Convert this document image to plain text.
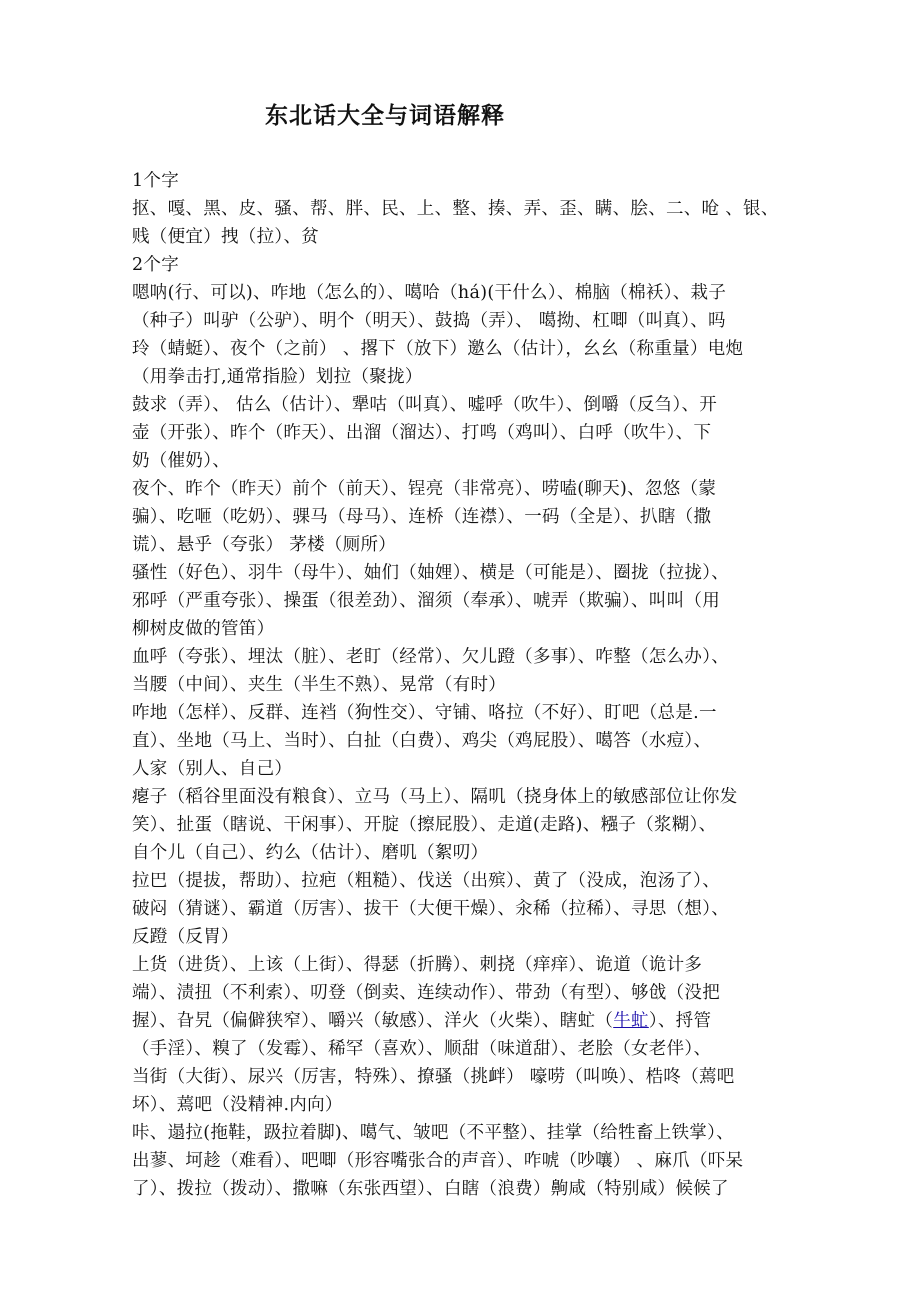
东北话大全与词语解释
1个字
抠、嘎、黑、皮、骚、帮、胖、民、上、整、揍、弄、歪、瞒、脍、二、呛 、银、
贱（便宜）拽（拉）、贫
2个字
嗯呐(行、可以)、咋地（怎么的）、噶哈（há)(干什么）、棉脑（棉袄）、栽子
（种子）叫驴（公驴）、明个（明天）、鼓捣（弄）、 噶拗、杠唧（叫真）、吗
玲（蜻蜓）、夜个（之前） 、撂下（放下）邀么（估计），幺幺（称重量）电炮
（用拳击打,通常指脸）划拉（聚拢）
鼓求（弄）、 估么（估计）、犟咕（叫真）、嘘呼（吹牛）、倒嚼（反刍）、开
壶（开张）、昨个（昨天）、出溜（溜达）、打鸣（鸡叫）、白呼（吹牛）、下
奶（催奶）、
夜个、昨个（昨天）前个（前天）、锃亮（非常亮）、唠嗑(聊天)、忽悠（蒙
骗）、吃咂（吃奶）、骒马（母马）、连桥（连襟）、一码（全是）、扒瞎（撒
谎）、悬乎（夸张） 茅楼（厕所）
骚性（好色）、羽牛（母牛）、妯们（妯娌）、横是（可能是）、圈拢（拉拢）、
邪呼（严重夸张）、操蛋（很差劲）、溜须（奉承）、唬弄（欺骗）、叫叫（用
柳树皮做的管笛）
血呼（夸张）、埋汰（脏）、老盯（经常）、欠儿蹬（多事）、咋整（怎么办）、
当腰（中间）、夹生（半生不熟）、晃常（有时）
咋地（怎样）、反群、连裆（狗性交）、守铺、咯拉（不好）、盯吧（总是.一
直）、坐地（马上、当时）、白扯（白费）、鸡尖（鸡屁股）、噶答（水痘）、
人家（别人、自己）
瘪子（稻谷里面没有粮食）、立马（马上）、隔叽（挠身体上的敏感部位让你发
笑）、扯蛋（瞎说、干闲事）、开腚（擦屁股）、走道(走路)、糨子（浆糊）、
自个儿（自己）、约么（估计）、磨叽（絮叨）
拉巴（提拔，帮助）、拉疤（粗糙）、伐送（出殡）、黄了（没成，泡汤了）、
破闷（猜谜）、霸道（厉害）、拔干（大便干燥）、汆稀（拉稀）、寻思（想）、
反蹬（反胃）
上货（进货）、上该（上街）、得瑟（折腾）、刺挠（痒痒）、诡道（诡计多
端）、渍扭（不利索）、叨登（倒卖、连续动作）、带劲（有型）、够戗（没把
握）、旮旯（偏僻狭窄）、嚼兴（敏感）、洋火（火柴）、瞎虻（牛虻）、捋管
（手淫）、糗了（发霉）、稀罕（喜欢）、顺甜（味道甜）、老脍（女老伴）、
当街（大街）、尿兴（厉害，特殊）、撩骚（挑衅） 嚎唠（叫唤）、梏咚（蔫吧
坏）、蔫吧（没精神.内向）
咔、遢拉(拖鞋，趿拉着脚)、噶气、皱吧（不平整）、挂掌（给牲畜上铁掌）、
出蓼、坷趁（难看）、吧唧（形容嘴张合的声音）、咋唬（吵嚷） 、麻爪（吓呆
了）、拨拉（拨动）、撒嘛（东张西望）、白瞎（浪费）齁咸（特别咸）候候了
